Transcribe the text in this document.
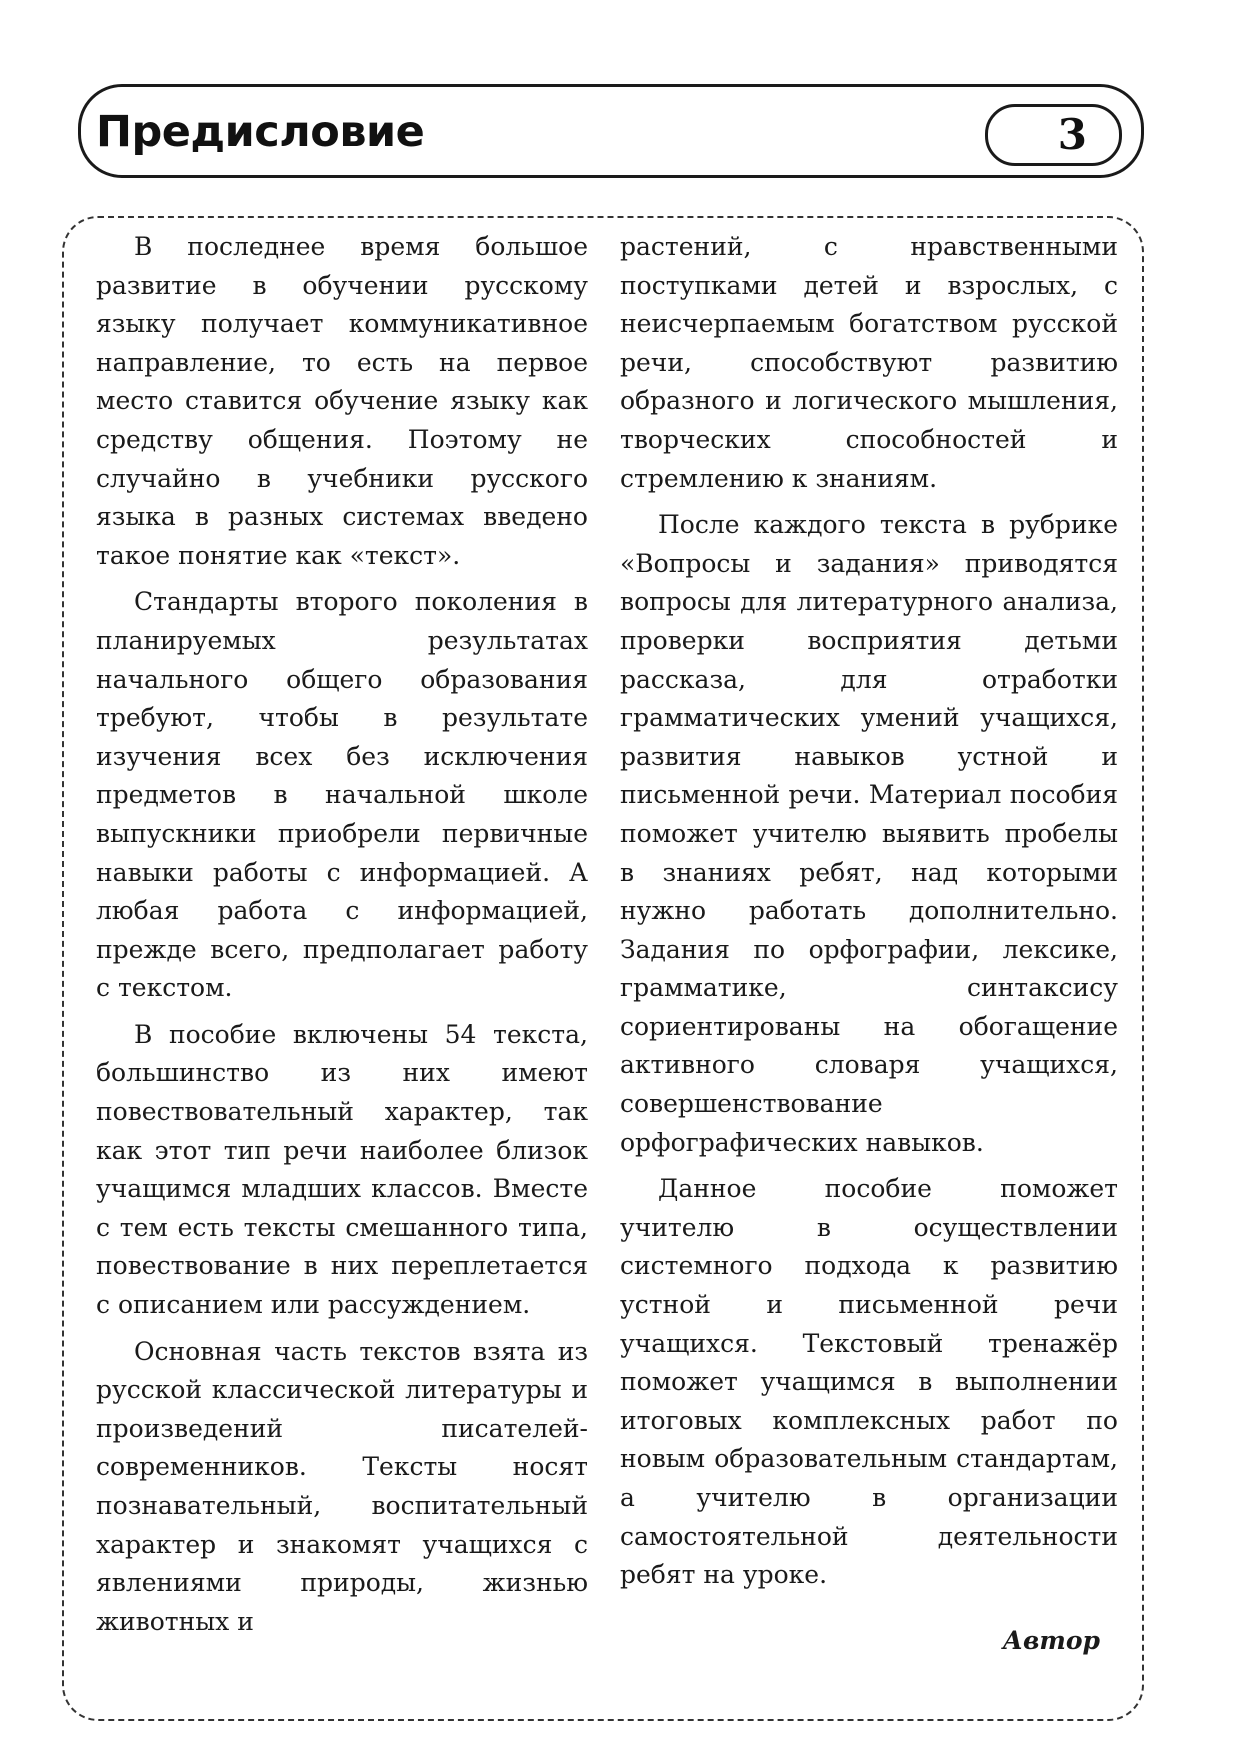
Предисловие	3

В последнее время большое развитие в обучении русскому языку получает коммуникативное направление, то есть на первое место ставится обучение языку как средству общения. Поэтому не случайно в учебники русского языка в разных системах введено такое понятие как «текст».

Стандарты второго поколения в планируемых результатах начального общего образования требуют, чтобы в результате изучения всех без исключения предметов в начальной школе выпускники приобрели первичные навыки работы с информацией. А любая работа с информацией, прежде всего, предполагает работу с текстом.

В пособие включены 54 текста, большинство из них имеют повествовательный характер, так как этот тип речи наиболее близок учащимся младших классов. Вместе с тем есть тексты смешанного типа, повествование в них переплетается с описанием или рассуждением.

Основная часть текстов взята из русской классической литературы и произведений писателей-современников. Тексты носят познавательный, воспитательный характер и знакомят учащихся с явлениями природы, жизнью животных и

растений, с нравственными поступками детей и взрослых, с неисчерпаемым богатством русской речи, способствуют развитию образного и логического мышления, творческих способностей и стремлению к знаниям.

После каждого текста в рубрике «Вопросы и задания» приводятся вопросы для литературного анализа, проверки восприятия детьми рассказа, для отработки грамматических умений учащихся, развития навыков устной и письменной речи. Материал пособия поможет учителю выявить пробелы в знаниях ребят, над которыми нужно работать дополнительно. Задания по орфографии, лексике, грамматике, синтаксису сориентированы на обогащение активного словаря учащихся, совершенствование орфографических навыков.

Данное пособие поможет учителю в осуществлении системного подхода к развитию устной и письменной речи учащихся. Текстовый тренажёр поможет учащимся в выполнении итоговых комплексных работ по новым образовательным стандартам, а учителю в организации самостоятельной деятельности ребят на уроке.

Автор
